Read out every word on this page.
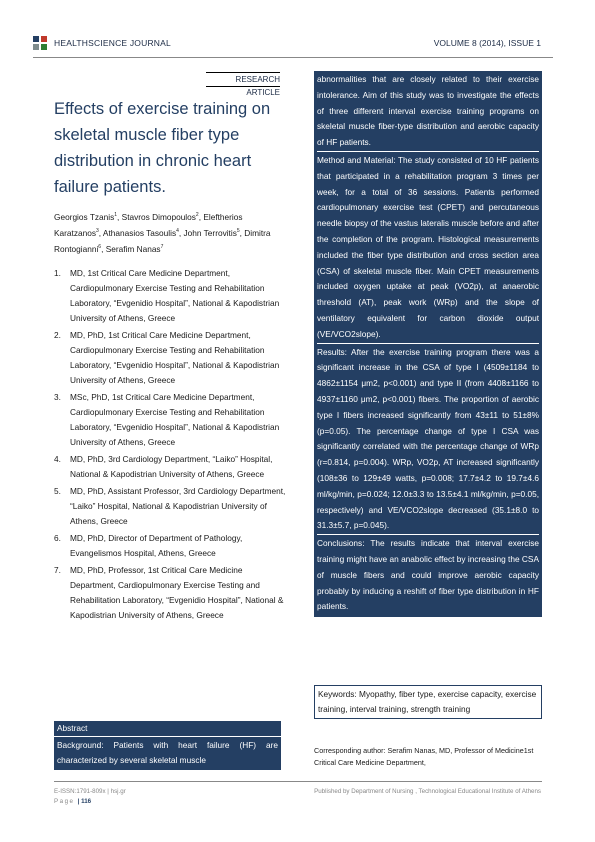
HEALTHSCIENCE JOURNAL	VOLUME 8 (2014), ISSUE 1
RESEARCH ARTICLE
Effects of exercise training on skeletal muscle fiber type distribution in chronic heart failure patients.
Georgios Tzanis$^1$, Stavros Dimopoulos$^2$, Eleftherios Karatzanos$^3$, Athanasios Tasoulis$^4$, John Terrovitis$^5$, Dimitra Rontogianni$^6$, Serafim Nanas$^7$
1. MD, 1st Critical Care Medicine Department, Cardiopulmonary Exercise Testing and Rehabilitation Laboratory, “Evgenidio Hospital”, National & Kapodistrian University of Athens, Greece
2. MD, PhD, 1st Critical Care Medicine Department, Cardiopulmonary Exercise Testing and Rehabilitation Laboratory, “Evgenidio Hospital”, National & Kapodistrian University of Athens, Greece
3. MSc, PhD, 1st Critical Care Medicine Department, Cardiopulmonary Exercise Testing and Rehabilitation Laboratory, “Evgenidio Hospital”, National & Kapodistrian University of Athens, Greece
4. MD, PhD, 3rd Cardiology Department, “Laiko” Hospital, National & Kapodistrian University of Athens, Greece
5. MD, PhD, Assistant Professor, 3rd Cardiology Department, “Laiko” Hospital, National & Kapodistrian University of Athens, Greece
6. MD, PhD, Director of Department of Pathology, Evangelismos Hospital, Athens, Greece
7. MD, PhD, Professor, 1st Critical Care Medicine Department, Cardiopulmonary Exercise Testing and Rehabilitation Laboratory, “Evgenidio Hospital”, National & Kapodistrian University of Athens, Greece
Abstract
Background: Patients with heart failure (HF) are characterized by several skeletal muscle

abnormalities that are closely related to their exercise intolerance. Aim of this study was to investigate the effects of three different interval exercise training programs on skeletal muscle fiber-type distribution and aerobic capacity of HF patients.

Method and Material: The study consisted of 10 HF patients that participated in a rehabilitation program 3 times per week, for a total of 36 sessions. Patients performed cardiopulmonary exercise test (CPET) and percutaneous needle biopsy of the vastus lateralis muscle before and after the completion of the program. Histological measurements included the fiber type distribution and cross section area (CSA) of skeletal muscle fiber. Main CPET measurements included oxygen uptake at peak (VO2p), at anaerobic threshold (AT), peak work (WRp) and the slope of ventilatory equivalent for carbon dioxide output (VE/VCO2slope).

Results: After the exercise training program there was a significant increase in the CSA of type I (4509±1184 to 4862±1154 μm2, p<0.001) and type II (from 4408±1166 to 4937±1160 μm2, p<0.001) fibers. The proportion of aerobic type I fibers increased significantly from 43±11 to 51±8% (p=0.05). The percentage change of type I CSA was significantly correlated with the percentage change of WRp (r=0.814, p=0.004). WRp, VO2p, AT increased significantly (108±36 to 129±49 watts, p=0.008; 17.7±4.2 to 19.7±4.6 ml/kg/min, p=0.024; 12.0±3.3 to 13.5±4.1 ml/kg/min, p=0.05, respectively) and VE/VCO2slope decreased (35.1±8.0 to 31.3±5.7, p=0.045).

Conclusions: The results indicate that interval exercise training might have an anabolic effect by increasing the CSA of muscle fibers and could improve aerobic capacity probably by inducing a reshift of fiber type distribution in HF patients.

Keywords: Myopathy, fiber type, exercise capacity, exercise training, interval training, strength training
Corresponding author: Serafim Nanas, MD, Professor of Medicine1st Critical Care Medicine Department,
E-ISSN:1791-809x | hsj.gr	Published by Department of Nursing , Technological Educational Institute of Athens
Page | 116
